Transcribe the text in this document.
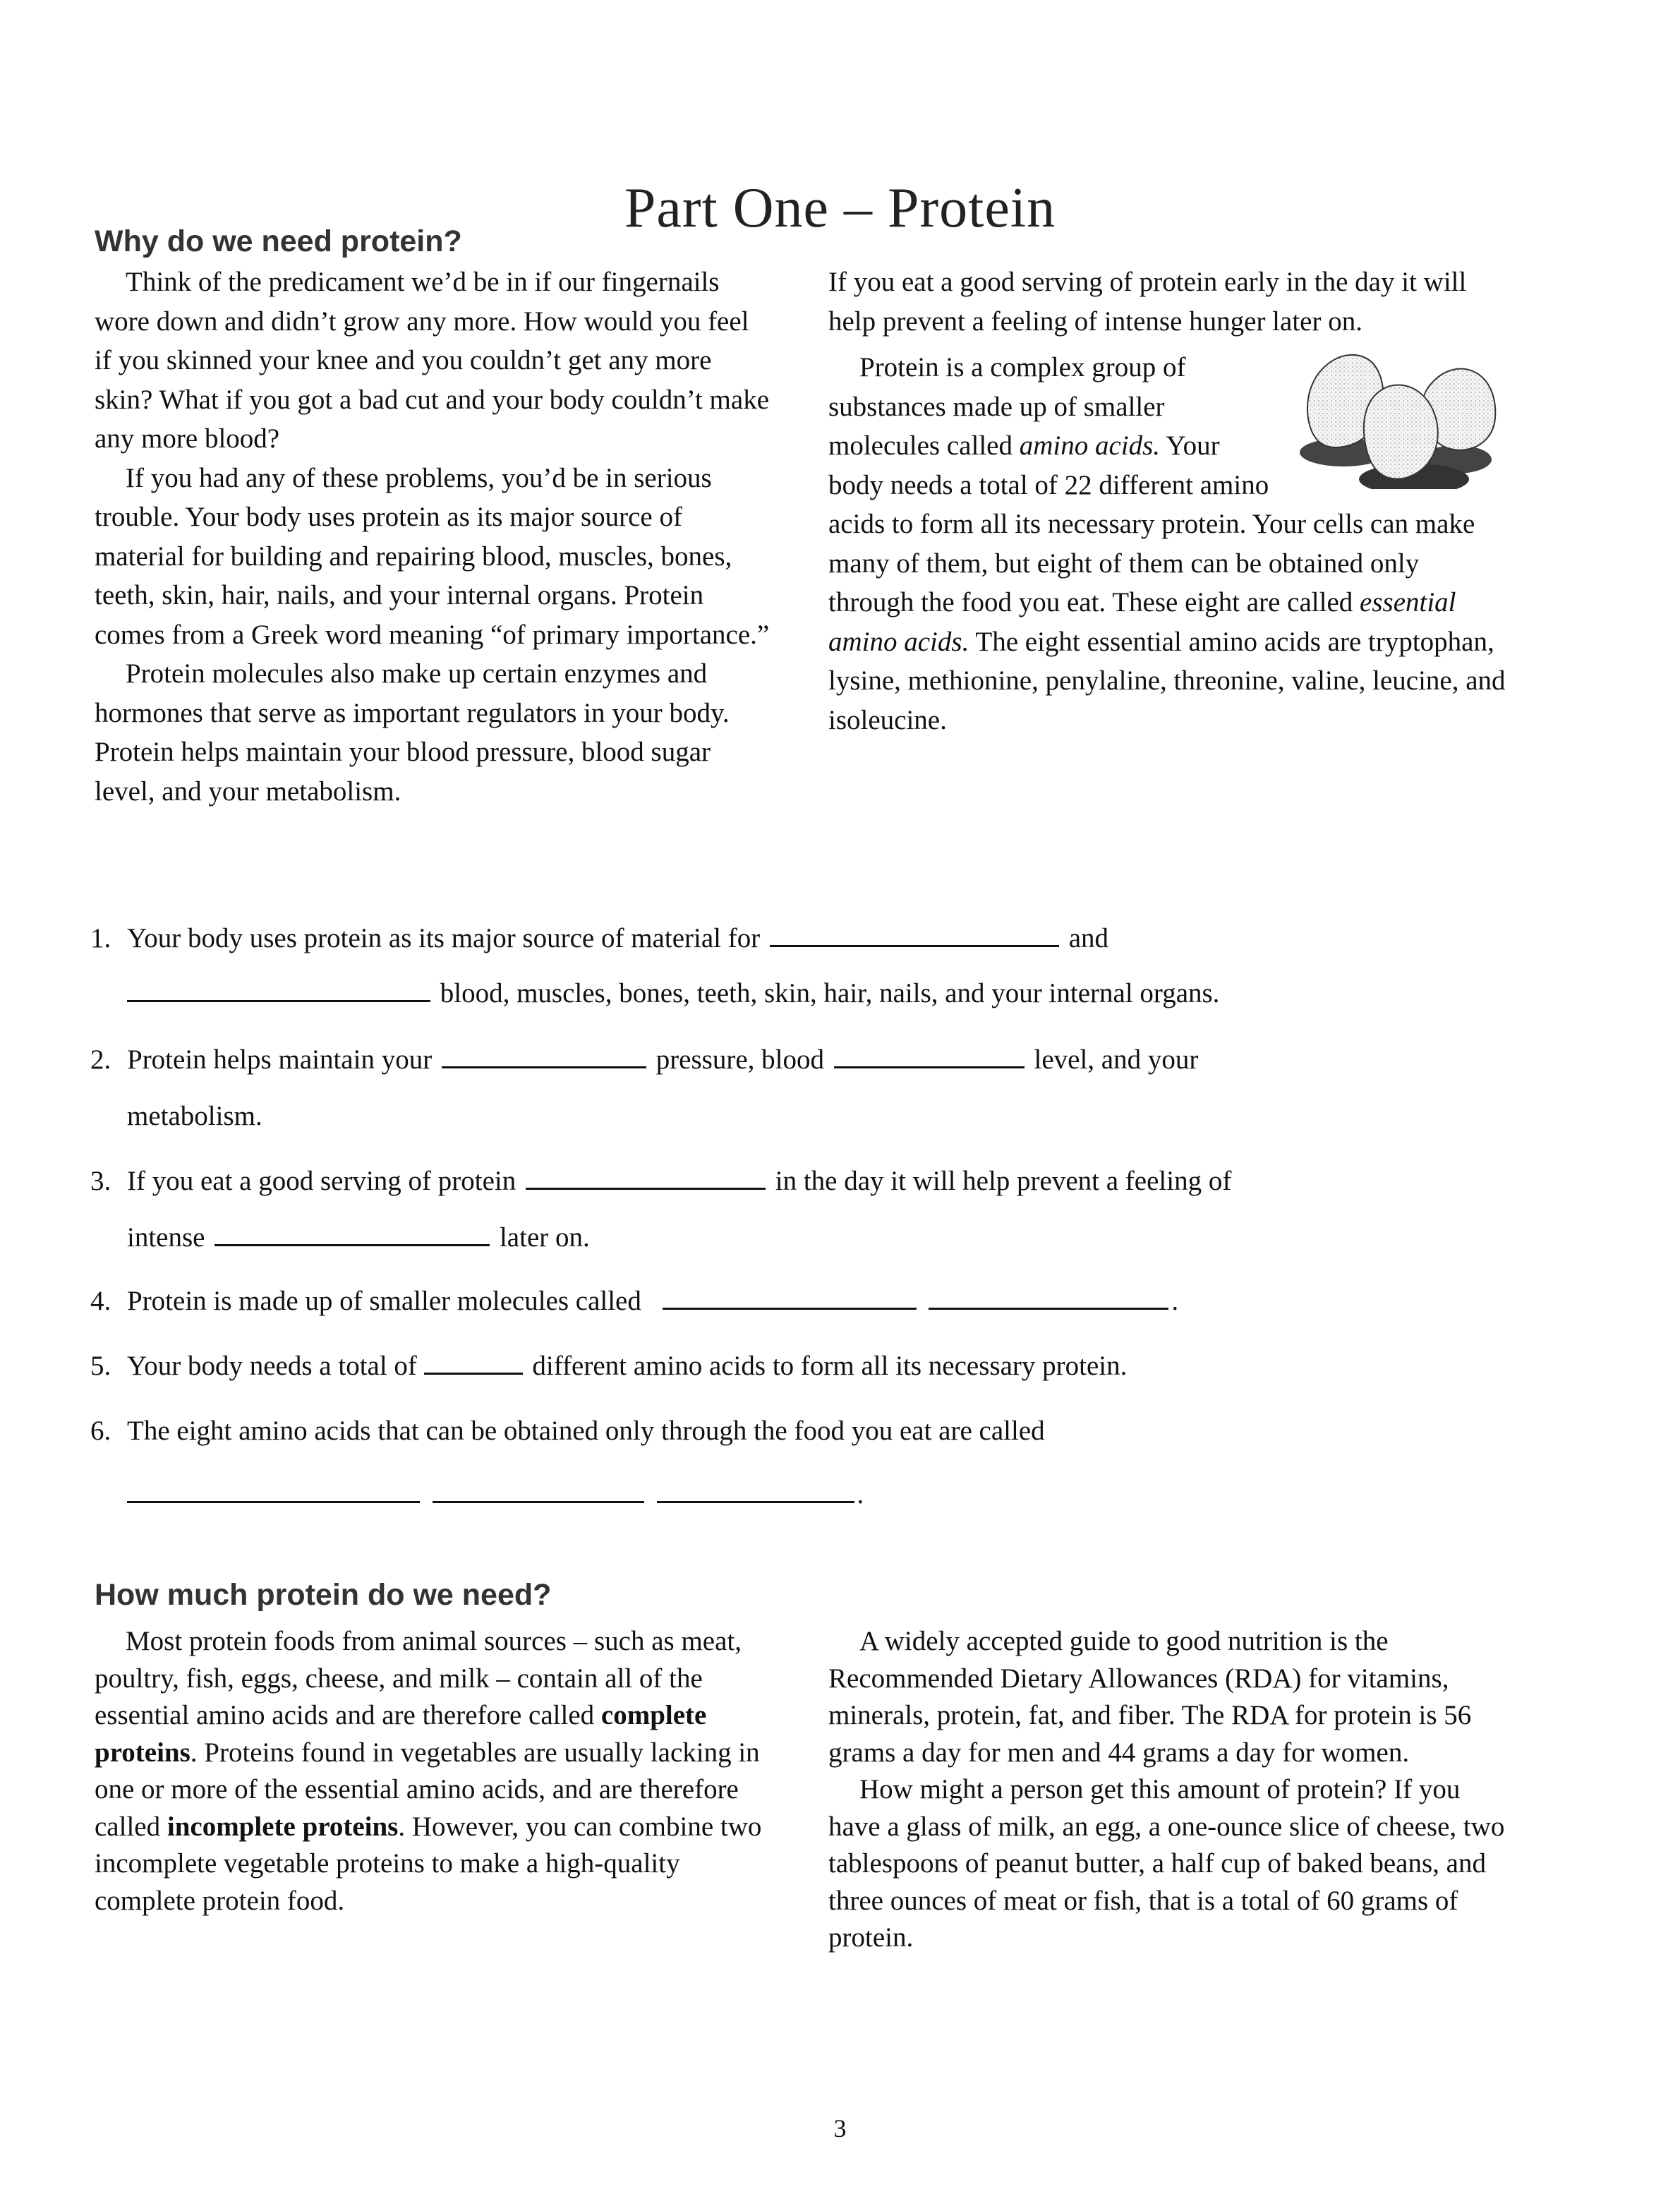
Part One – Protein
Why do we need protein?

Think of the predicament we’d be in if our fingernails wore down and didn’t grow any more. How would you feel if you skinned your knee and you couldn’t get any more skin? What if you got a bad cut and your body couldn’t make any more blood?

If you had any of these problems, you’d be in serious trouble. Your body uses protein as its major source of material for building and repairing blood, muscles, bones, teeth, skin, hair, nails, and your internal organs. Protein comes from a Greek word meaning “of primary importance.”

Protein molecules also make up certain enzymes and hormones that serve as important regulators in your body. Protein helps maintain your blood pressure, blood sugar level, and your metabolism.

If you eat a good serving of protein early in the day it will help prevent a feeling of intense hunger later on.

Protein is a complex group of substances made up of smaller molecules called amino acids. Your body needs a total of 22 different amino acids to form all its necessary protein. Your cells can make many of them, but eight of them can be obtained only through the food you eat. These eight are called essential amino acids. The eight essential amino acids are tryptophan, lysine, methionine, penylaline, threonine, valine, leucine, and isoleucine.

1. Your body uses protein as its major source of material for	and
blood, muscles, bones, teeth, skin, hair, nails, and your internal organs.
2. Protein helps maintain your	pressure, blood	level, and your
metabolism.
3. If you eat a good serving of protein	in the day it will help prevent a feeling of
intense	later on.
4. Protein is made up of smaller molecules called	.
5. Your body needs a total of	different amino acids to form all its necessary protein.
6. The eight amino acids that can be obtained only through the food you eat are called
.
How much protein do we need?

Most protein foods from animal sources – such as meat, poultry, fish, eggs, cheese, and milk – contain all of the essential amino acids and are therefore called complete proteins. Proteins found in vegetables are usually lacking in one or more of the essential amino acids, and are therefore called incomplete proteins. However, you can combine two incomplete vegetable proteins to make a high-quality complete protein food.

A widely accepted guide to good nutrition is the Recommended Dietary Allowances (RDA) for vitamins, minerals, protein, fat, and fiber. The RDA for protein is 56 grams a day for men and 44 grams a day for women.

How might a person get this amount of protein? If you have a glass of milk, an egg, a one-ounce slice of cheese, two tablespoons of peanut butter, a half cup of baked beans, and three ounces of meat or fish, that is a total of 60 grams of protein.

3
